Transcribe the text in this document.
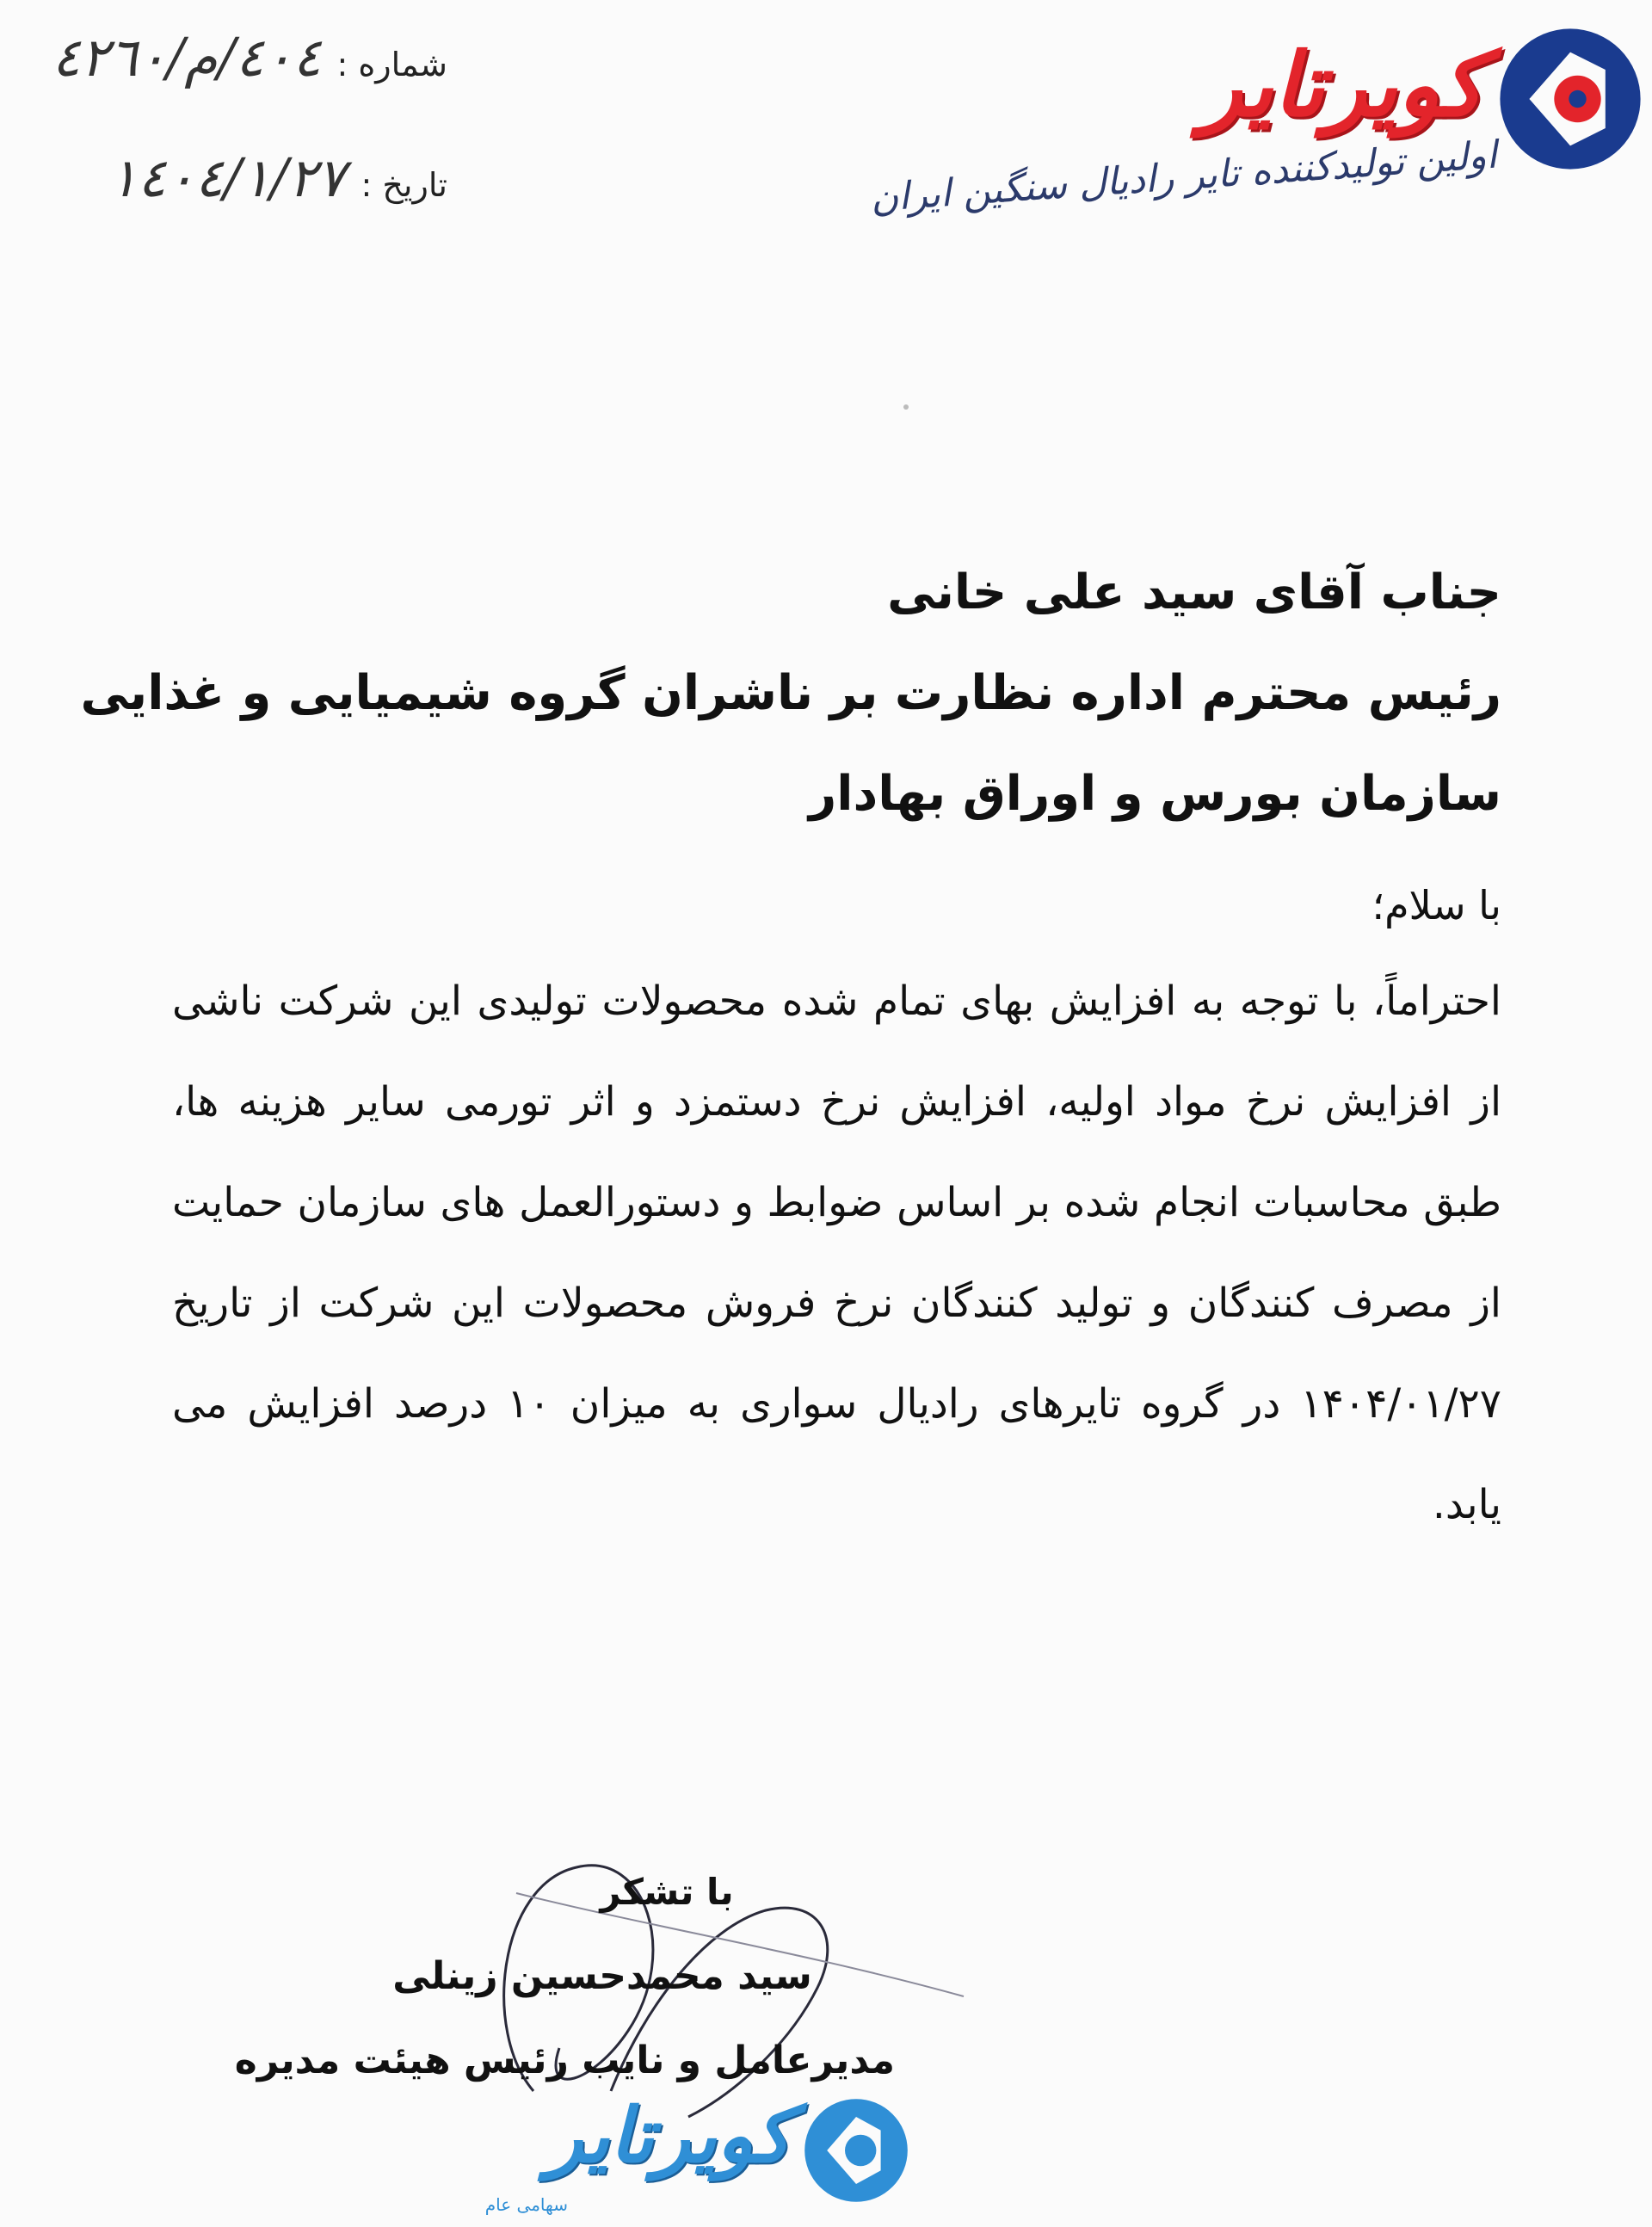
شماره :
٤٠٤/م/٤٢٦٠
تاریخ :
١٤٠٤/١/٢٧
کویرتایر
اولین تولیدکننده تایر رادیال سنگین ایران
جناب آقای سید علی خانی
رئیس محترم اداره نظارت بر ناشران گروه شیمیایی و غذایی
سازمان بورس و اوراق بهادار
با سلام؛
احتراماً، با توجه به افزایش بهای تمام شده محصولات تولیدی این شرکت ناشی از افزایش نرخ مواد اولیه، افزایش نرخ دستمزد و اثر تورمی سایر هزینه ها، طبق محاسبات انجام شده بر اساس ضوابط و دستورالعمل های سازمان حمایت از مصرف کنندگان و تولید کنندگان نرخ فروش محصولات این شرکت از تاریخ ۱۴۰۴/۰۱/۲۷ در گروه تایرهای رادیال سواری به میزان ۱۰ درصد افزایش می یابد.
با تشکر
سید محمدحسین زینلی
مدیرعامل و نایب رئیس هیئت مدیره
کویرتایر
سهامی عام
